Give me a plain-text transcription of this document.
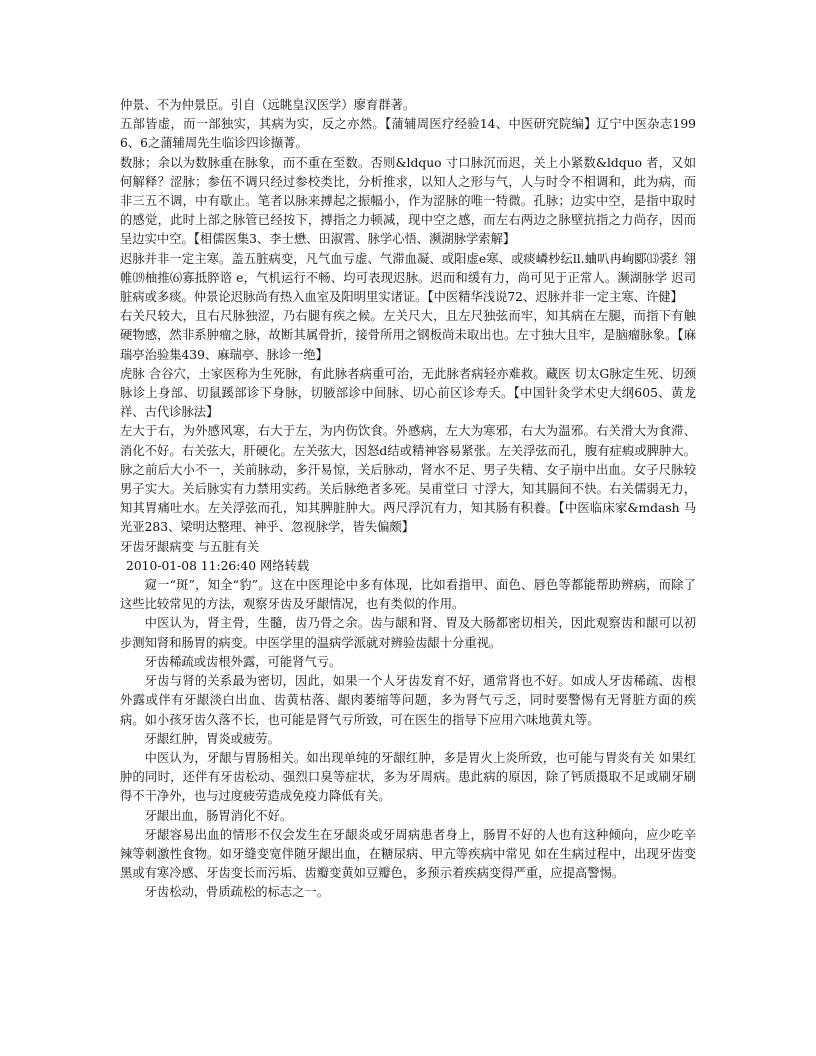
仲景、不为仲景臣。引自（远眺皇汉医学）廖育群著。

五部皆虚，而一部独实，其病为实，反之亦然。【蒲辅周医疗经验14、中医研究院编】辽宁中医杂志1996、6之蒲辅周先生临诊四诊撷菁。

数脉；余以为数脉重在脉象，而不重在至数。否则&ldquo 寸口脉沉而迟，关上小紧数&ldquo 者，又如何解释？涩脉；参伍不调只经过参校类比，分析推求，以知人之形与气，人与时令不相调和，此为病，而非三五不调，中有歇止。笔者以脉来搏起之振幅小，作为涩脉的唯一特微。孔脉；边实中空，是指中取时的感觉，此时上部之脉管已经按下，搏指之力顿减，现中空之感，而左右两边之脉壁抗指之力尚存，因而呈边实中空。【相儒医集3、李士懋、田淑霄、脉学心悟、濒湖脉学索解】

迟脉并非一定主寒。盖五脏病变，凡气血亏虚、气滞血凝、或阳虚e寒、或痰嶙杪纭ll.蛐叭冉峋郾⒀裘纟翎帷⒆柚推⑹寡抵脺谘 e，气机运行不畅、均可表现迟脉。迟而和缓有力，尚可见于正常人。濒湖脉学 迟司脏病或多痰。仲景论迟脉尚有热入血室及阳明里实诸证。【中医精华浅说72、迟脉并非一定主寒、许健】

右关尺较大，且右尺脉独涩，乃右腿有疾之候。左关尺大，且左尺独弦而牢，知其病在左腿，而指下有触硬物感，然非系肿瘤之脉，故断其属骨折，接骨所用之钢板尚未取出也。左寸独大且牢，是脑瘤脉象。【麻瑞亭治验集439、麻瑞亭、脉诊一绝】

虎脉 合谷穴，土家医称为生死脉，有此脉者病重可治，无此脉者病轻亦难救。藏医 切太G脉定生死、切颈脉诊上身部、切鼠蹊部诊下身脉，切腋部诊中间脉、切心前区诊寿夭。【中国针灸学术史大纲605、黄龙祥、古代诊脉法】

左大于右，为外感风寒，右大于左，为内伤饮食。外感病，左大为寒邪，右大为温邪。右关滑大为食滞、消化不好。右关弦大，肝硬化。左关弦大，因怒d结或精神容易紧张。左关浮弦而孔，腹有症瘕或脾肿大。脉之前后大小不一，关前脉动，多汗易惊，关后脉动，肾水不足、男子失精、女子崩中出血。女子尺脉较男子实大。关后脉实有力禁用实药。关后脉绝者多死。吴甫堂曰 寸浮大，知其膈间不快。右关儒弱无力，知其胃痛吐水。左关浮弦而孔，知其脾脏肿大。两尺浮沉有力，知其肠有积養。【中医临床家&mdash 马光亚283、梁明达整理、神乎、忽视脉学，皆失偏颇】

牙齿牙龈病变 与五脏有关

2010-01-08 11:26:40 网络转载

窥一“斑”，知全“豹”。这在中医理论中多有体现，比如看指甲、面色、唇色等都能帮助辨病，而除了这些比较常见的方法，观察牙齿及牙龈情况，也有类似的作用。

中医认为，肾主骨，生髓，齿乃骨之余。齿与龈和肾、胃及大肠都密切相关，因此观察齿和龈可以初步测知肾和肠胃的病变。中医学里的温病学派就对辨验齿龈十分重视。

牙齿稀疏或齿根外露，可能肾气亏。

牙齿与肾的关系最为密切，因此，如果一个人牙齿发育不好，通常肾也不好。如成人牙齿稀疏、齿根外露或伴有牙龈淡白出血、齿黄枯落、龈肉萎缩等问题，多为肾气亏乏，同时要警惕有无肾脏方面的疾病。如小孩牙齿久落不长，也可能是肾气亏所致，可在医生的指导下应用六味地黄丸等。

牙龈红肿，胃炎或疲劳。

中医认为，牙龈与胃肠相关。如出现单纯的牙龈红肿，多是胃火上炎所致，也可能与胃炎有关 如果红肿的同时，还伴有牙齿松动、强烈口臭等症状，多为牙周病。患此病的原因，除了钙质摄取不足或刷牙刷得不干净外，也与过度疲劳造成免疫力降低有关。

牙龈出血，肠胃消化不好。

牙龈容易出血的情形不仅会发生在牙龈炎或牙周病患者身上，肠胃不好的人也有这种倾向，应少吃辛辣等刺激性食物。如牙缝变宽伴随牙龈出血，在糖尿病、甲亢等疾病中常见 如在生病过程中，出现牙齿变黑或有寒冷感、牙齿变长而污垢、齿瓣变黄如豆瓣色，多预示着疾病变得严重，应提高警惕。

牙齿松动，骨质疏松的标志之一。
